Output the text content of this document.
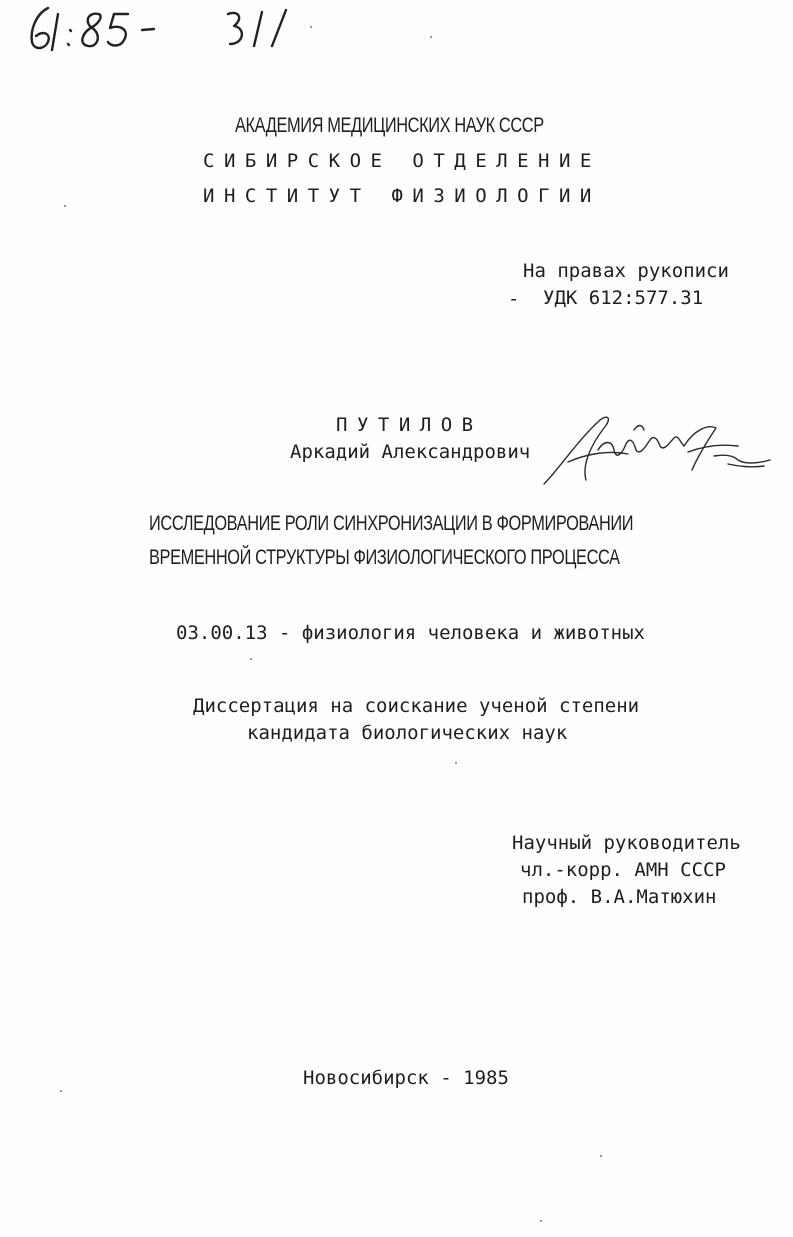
АКАДЕМИЯ МЕДИЦИНСКИХ НАУК СССР
СИБИРСКОЕ ОТДЕЛЕНИЕ
ИНСТИТУТ ФИЗИОЛОГИИ
На правах рукописи
- УДК 612:577.31
ПУТИЛОВ
Аркадий Александрович
ИССЛЕДОВАНИЕ РОЛИ СИНХРОНИЗАЦИИ В ФОРМИРОВАНИИ
ВРЕМЕННОЙ СТРУКТУРЫ ФИЗИОЛОГИЧЕСКОГО ПРОЦЕССА
03.00.13 - физиология человека и животных
Диссертация на соискание ученой степени
кандидата биологических наук
Научный руководитель
чл.-корр. АМН СССР
проф. В.А.Матюхин
Новосибирск - 1985
